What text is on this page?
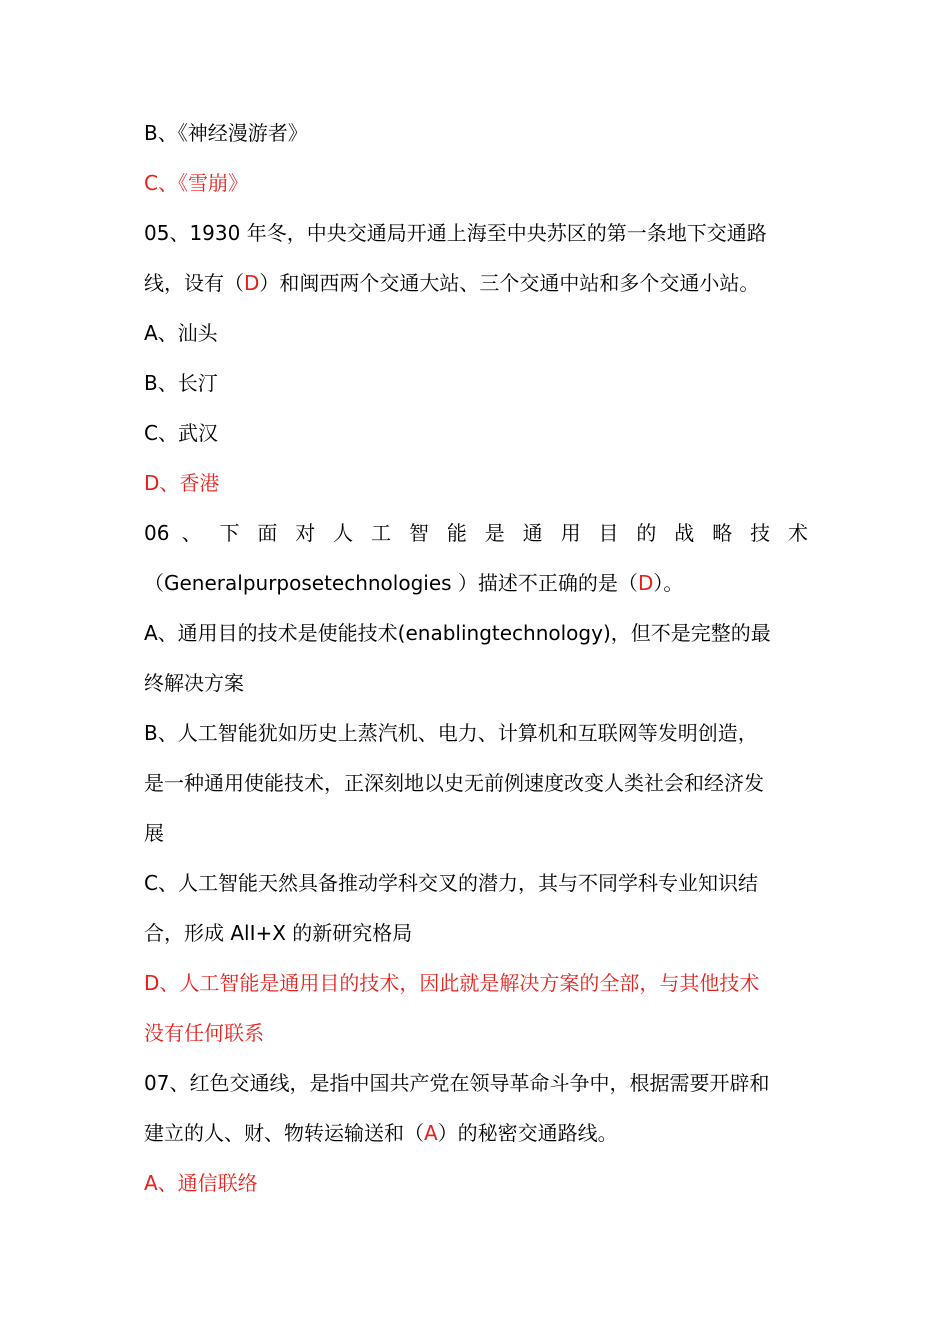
B、《神经漫游者》
C、《雪崩》
05、1930 年冬，中央交通局开通上海至中央苏区的第一条地下交通路
线，设有（D）和闽西两个交通大站、三个交通中站和多个交通小站。
A、汕头
B、长汀
C、武汉
D、香港
06 、 下 面 对 人 工 智 能 是 通 用 目 的 战 略 技 术
（Generalpurposetechnologies ）描述不正确的是（D）。
A、通用目的技术是使能技术(enablingtechnology)，但不是完整的最
终解决方案
B、人工智能犹如历史上蒸汽机、电力、计算机和互联网等发明创造，
是一种通用使能技术，正深刻地以史无前例速度改变人类社会和经济发
展
C、人工智能天然具备推动学科交叉的潜力，其与不同学科专业知识结
合，形成 AlI+X 的新研究格局
D、人工智能是通用目的技术，因此就是解决方案的全部，与其他技术
没有任何联系
07、红色交通线，是指中国共产党在领导革命斗争中，根据需要开辟和
建立的人、财、物转运输送和（A）的秘密交通路线。
A、通信联络
